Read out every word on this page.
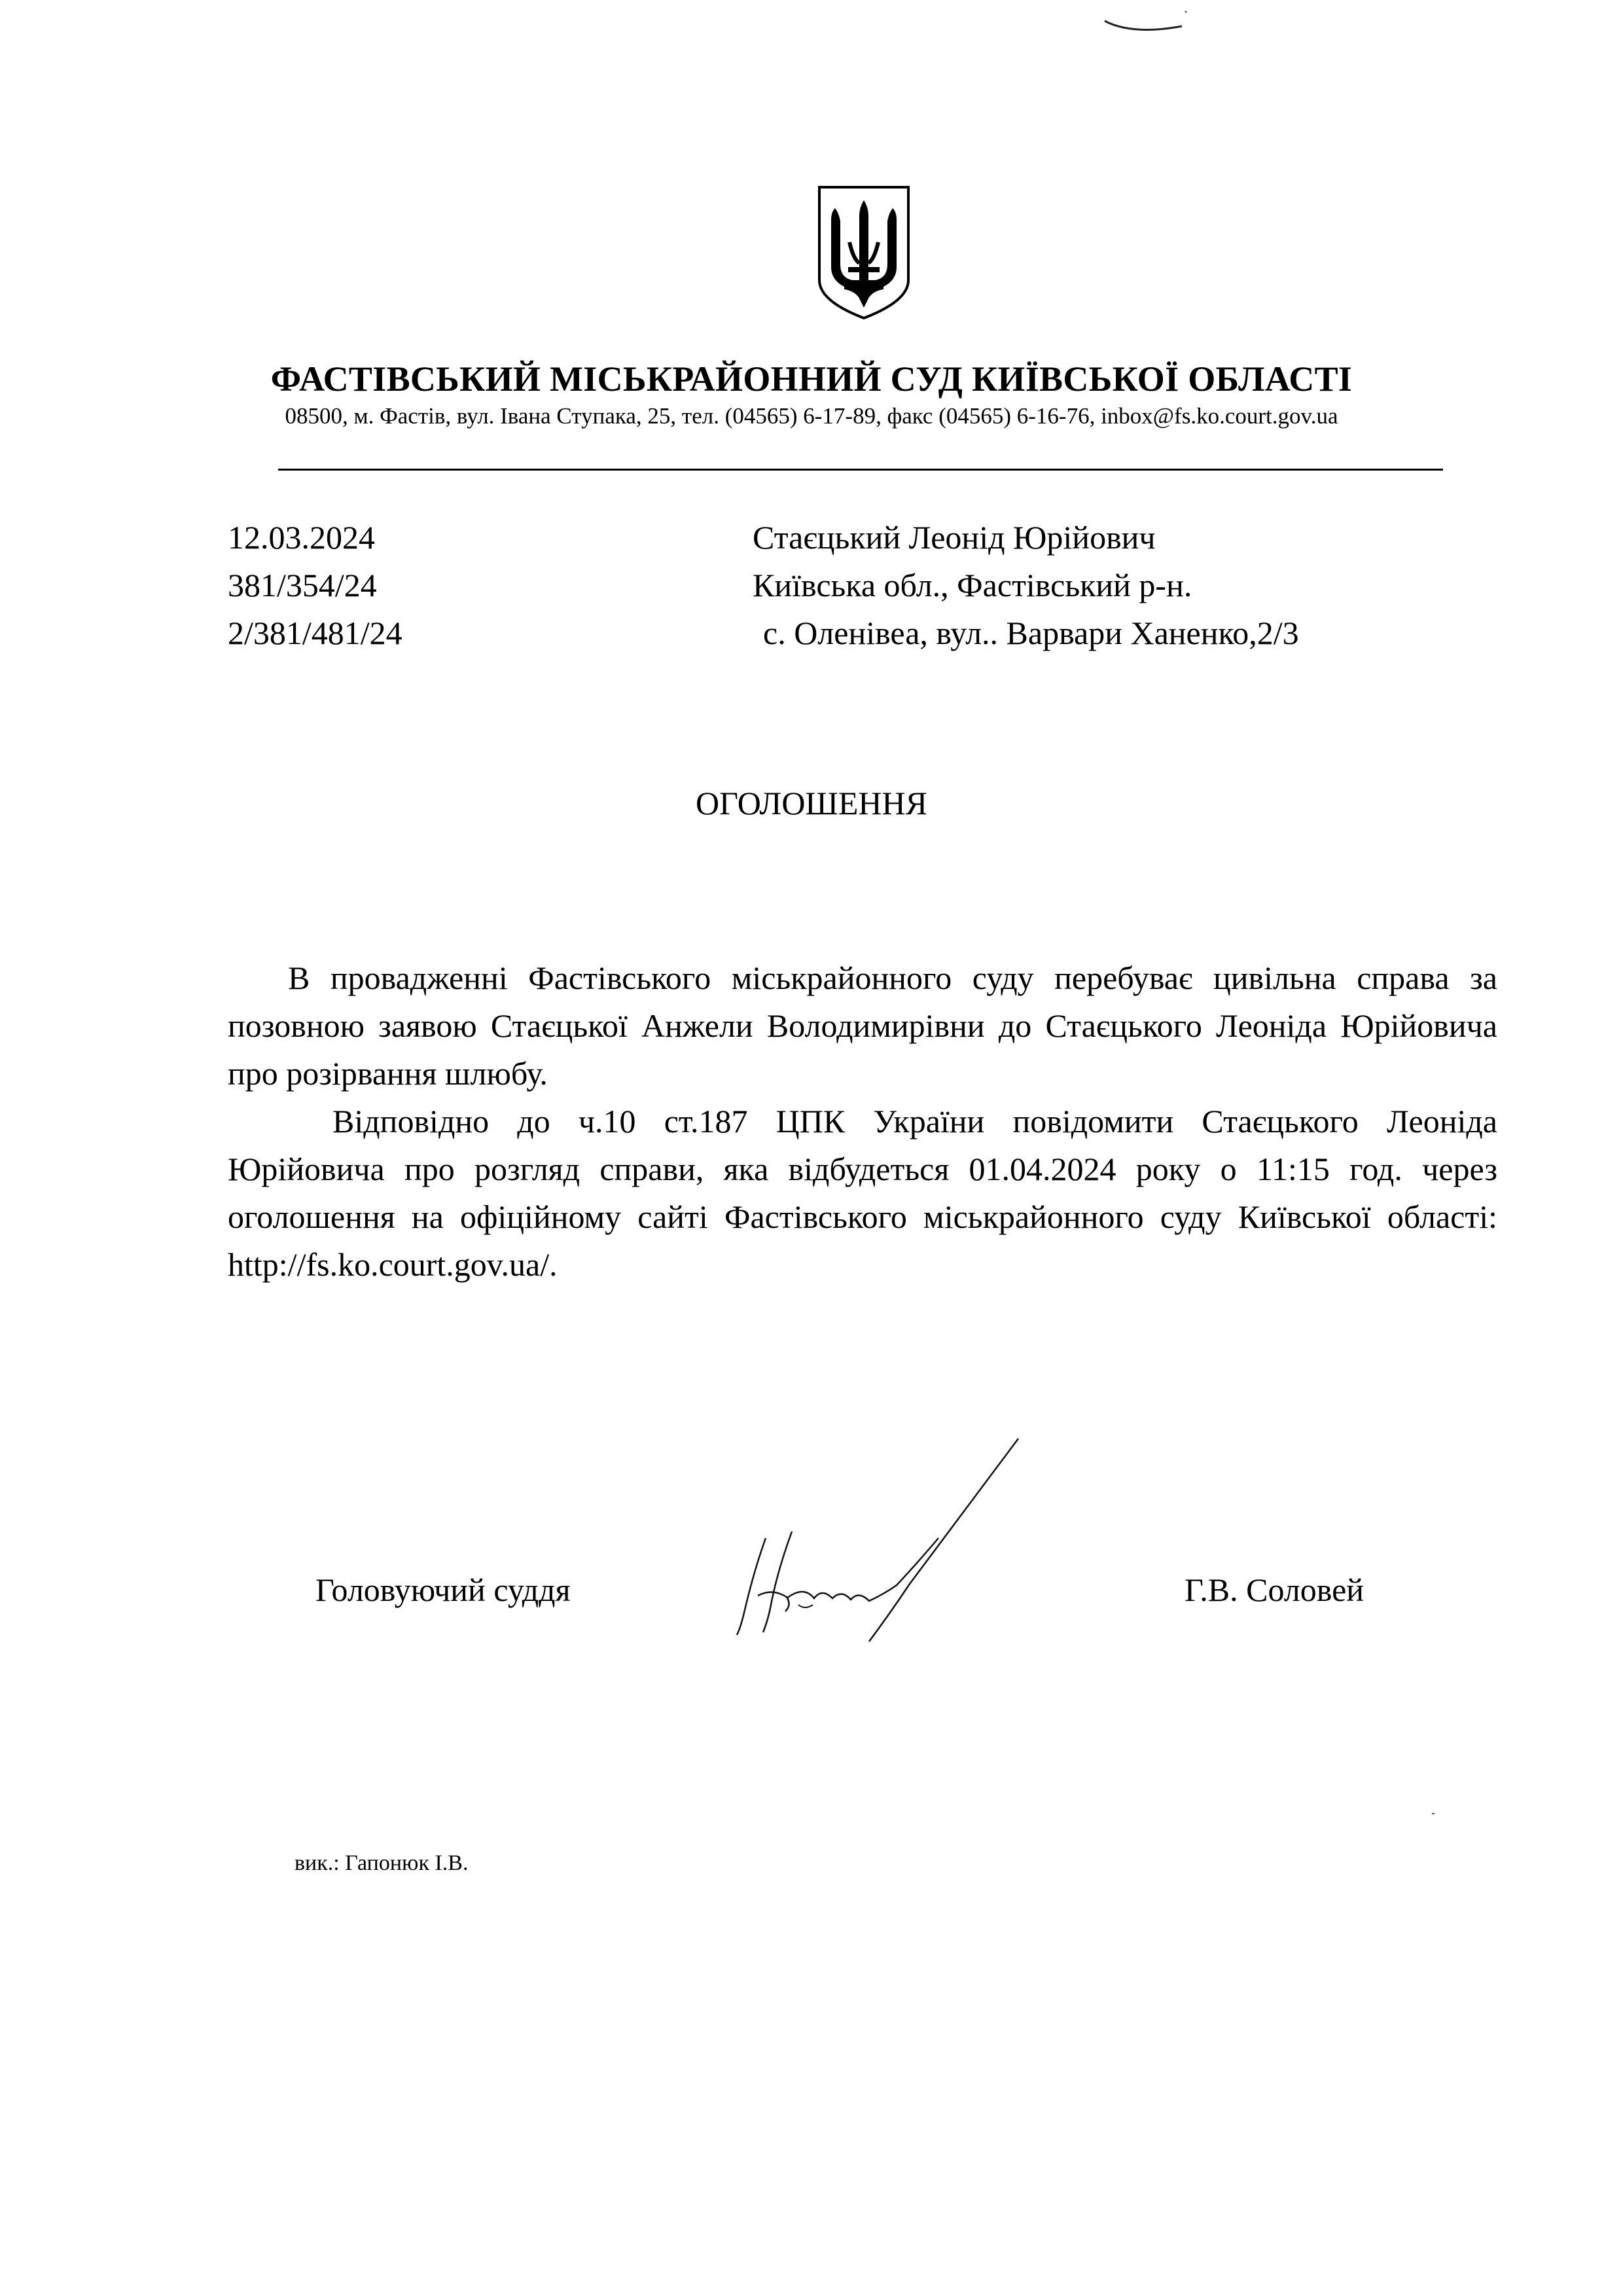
ФАСТІВСЬКИЙ МІСЬКРАЙОННИЙ СУД КИЇВСЬКОЇ ОБЛАСТІ
08500, м. Фастів, вул. Івана Ступака, 25, тел. (04565) 6-17-89, факс (04565) 6-16-76, inbox@fs.ko.court.gov.ua
12.03.2024
381/354/24
2/381/481/24
Стаєцький Леонід Юрійович
Київська обл., Фастівський р-н.
с. Оленівеа, вул.. Варвари Ханенко,2/3
ОГОЛОШЕННЯ
В провадженні Фастівського міськрайонного суду перебуває цивільна справа за позовною заявою Стаєцької Анжели Володимирівни до Стаєцького Леоніда Юрійовича про розірвання шлюбу.
Відповідно до ч.10 ст.187 ЦПК України повідомити Стаєцького Леоніда Юрійовича про розгляд справи, яка відбудеться 01.04.2024 року о 11:15 год. через оголошення на офіційному сайті Фастівського міськрайонного суду Київської області: http://fs.ko.court.gov.ua/.
Головуючий суддя	Г.В. Соловей
вик.: Гапонюк І.В.
